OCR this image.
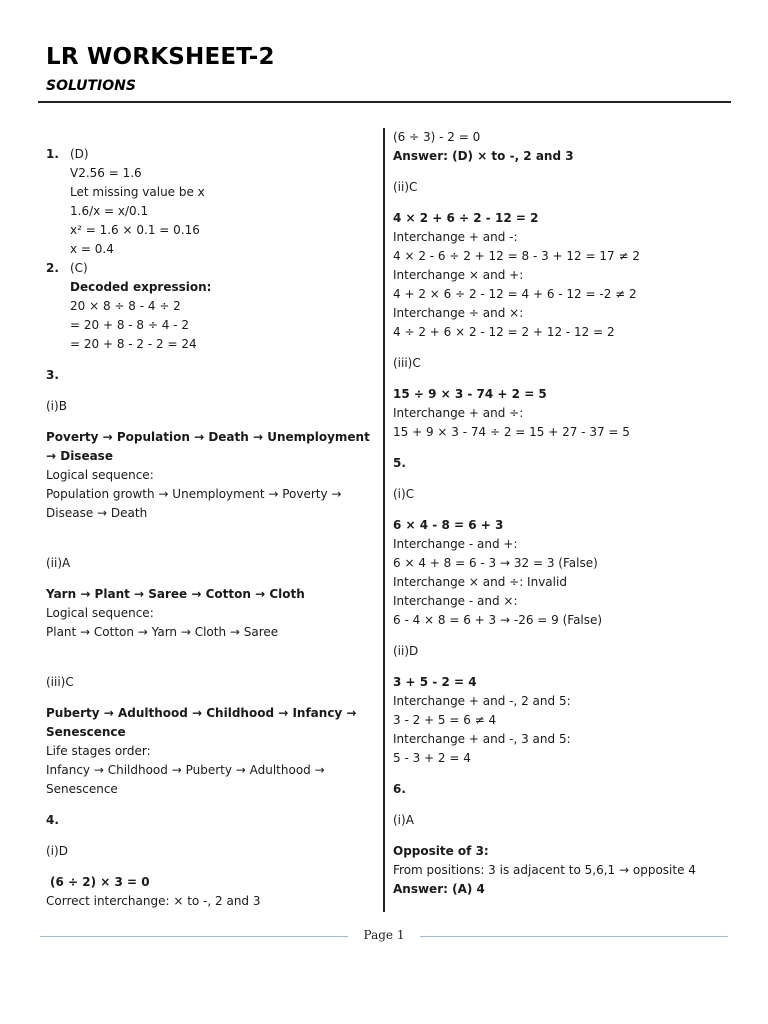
LR WORKSHEET-2
SOLUTIONS
1. (D)
V2.56 = 1.6
Let missing value be x
1.6/x = x/0.1
x² = 1.6 × 0.1 = 0.16
x = 0.4
2. (C)
Decoded expression:
20 × 8 ÷ 8 - 4 ÷ 2
= 20 + 8 - 8 ÷ 4 - 2
= 20 + 8 - 2 - 2 = 24
3.
(i)B
Poverty → Population → Death → Unemployment → Disease
Logical sequence:
Population growth → Unemployment → Poverty → Disease → Death
(ii)A
Yarn → Plant → Saree → Cotton → Cloth
Logical sequence:
Plant → Cotton → Yarn → Cloth → Saree
(iii)C
Puberty → Adulthood → Childhood → Infancy → Senescence
Life stages order:
Infancy → Childhood → Puberty → Adulthood → Senescence
4.
(i)D
(6 ÷ 2) × 3 = 0
Correct interchange: × to -, 2 and 3
(6 ÷ 3) - 2 = 0
Answer: (D) × to -, 2 and 3
(ii)C
4 × 2 + 6 ÷ 2 - 12 = 2
Interchange + and -:
4 × 2 - 6 ÷ 2 + 12 = 8 - 3 + 12 = 17 ≠ 2
Interchange × and +:
4 + 2 × 6 ÷ 2 - 12 = 4 + 6 - 12 = -2 ≠ 2
Interchange ÷ and ×:
4 ÷ 2 + 6 × 2 - 12 = 2 + 12 - 12 = 2
(iii)C
15 ÷ 9 × 3 - 74 + 2 = 5
Interchange + and ÷:
15 + 9 × 3 - 74 ÷ 2 = 15 + 27 - 37 = 5
5.
(i)C
6 × 4 - 8 = 6 + 3
Interchange - and +:
6 × 4 + 8 = 6 - 3 → 32 = 3 (False)
Interchange × and ÷: Invalid
Interchange - and ×:
6 - 4 × 8 = 6 + 3 → -26 = 9 (False)
(ii)D
3 + 5 - 2 = 4
Interchange + and -, 2 and 5:
3 - 2 + 5 = 6 ≠ 4
Interchange + and -, 3 and 5:
5 - 3 + 2 = 4
6.
(i)A
Opposite of 3:
From positions: 3 is adjacent to 5,6,1 → opposite 4
Answer: (A) 4
Page 1
